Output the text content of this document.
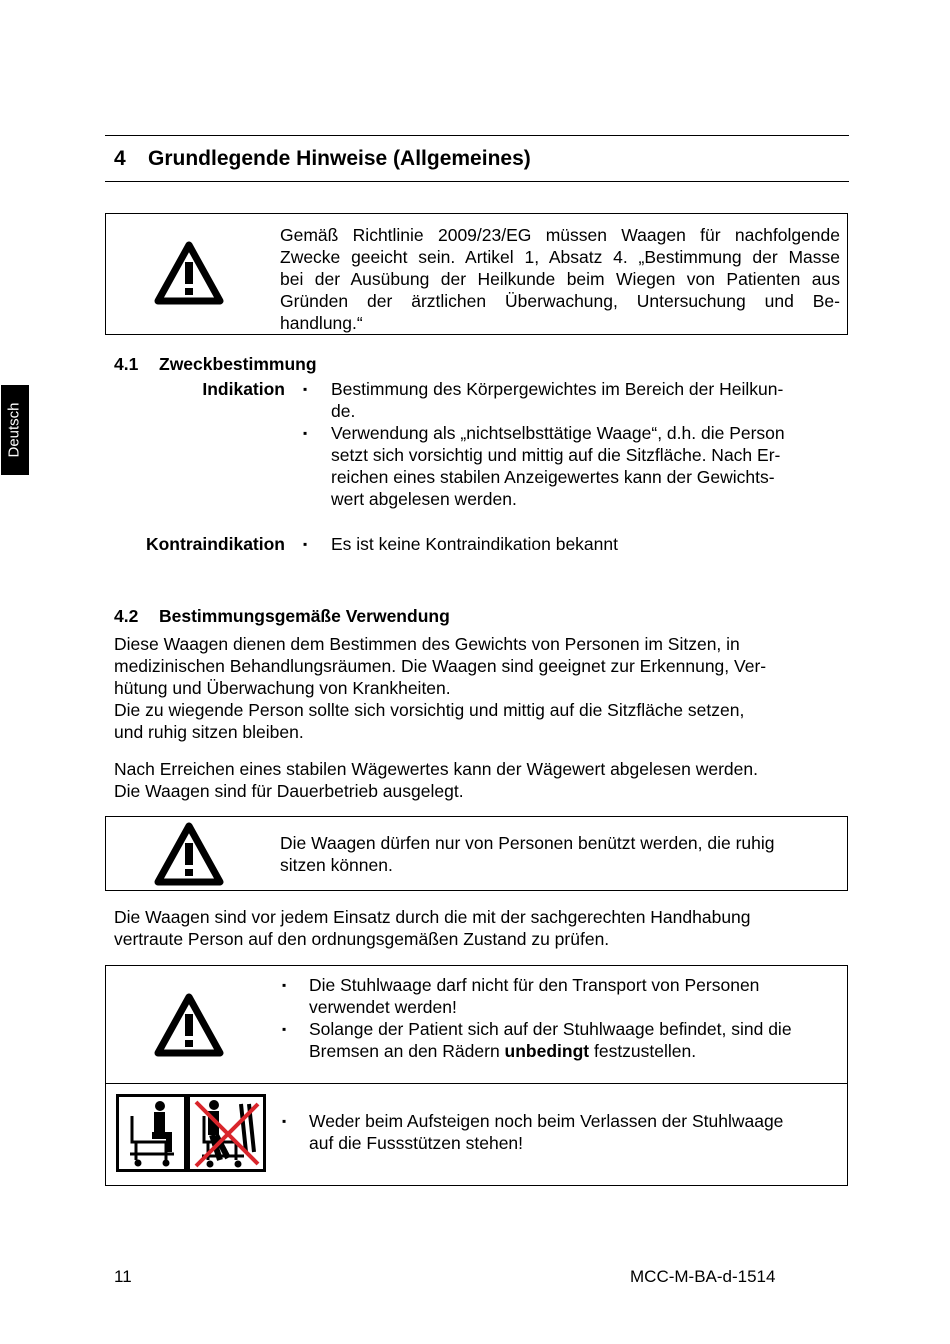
4 Grundlegende Hinweise (Allgemeines)
Deutsch
Gemäß Richtlinie 2009/23/EG müssen Waagen für nachfolgende
Zwecke geeicht sein. Artikel 1, Absatz 4. „Bestimmung der Masse
bei der Ausübung der Heilkunde beim Wiegen von Patienten aus
Gründen der ärztlichen Überwachung, Untersuchung und Be-
handlung.“
4.1 Zweckbestimmung
Indikation ▪ Bestimmung des Körpergewichtes im Bereich der Heilkun-
de.
▪ Verwendung als „nichtselbsttätige Waage“, d.h. die Person
setzt sich vorsichtig und mittig auf die Sitzfläche. Nach Er-
reichen eines stabilen Anzeigewertes kann der Gewichts-
wert abgelesen werden.
Kontraindikation ▪ Es ist keine Kontraindikation bekannt
4.2 Bestimmungsgemäße Verwendung
Diese Waagen dienen dem Bestimmen des Gewichts von Personen im Sitzen, in
medizinischen Behandlungsräumen. Die Waagen sind geeignet zur Erkennung, Ver-
hütung und Überwachung von Krankheiten.
Die zu wiegende Person sollte sich vorsichtig und mittig auf die Sitzfläche setzen,
und ruhig sitzen bleiben.
Nach Erreichen eines stabilen Wägewertes kann der Wägewert abgelesen werden.
Die Waagen sind für Dauerbetrieb ausgelegt.
Die Waagen dürfen nur von Personen benützt werden, die ruhig
sitzen können.
Die Waagen sind vor jedem Einsatz durch die mit der sachgerechten Handhabung
vertraute Person auf den ordnungsgemäßen Zustand zu prüfen.
▪ Die Stuhlwaage darf nicht für den Transport von Personen
verwendet werden!
▪ Solange der Patient sich auf der Stuhlwaage befindet, sind die
Bremsen an den Rädern unbedingt festzustellen.
▪ Weder beim Aufsteigen noch beim Verlassen der Stuhlwaage
auf die Fussstützen stehen!
11	MCC-M-BA-d-1514
